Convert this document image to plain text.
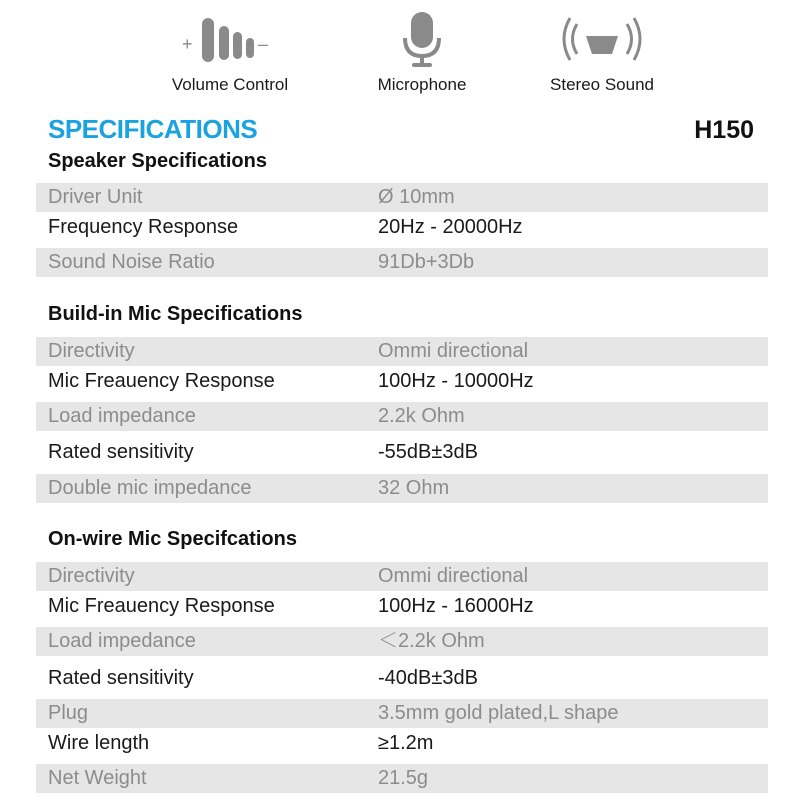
+	–
Volume Control	Microphone	Stereo Sound
SPECIFICATIONS	H150
Speaker Specifications
Driver Unit	Ø 10mm
Frequency Response	20Hz - 20000Hz
Sound Noise Ratio	91Db+3Db
Build-in Mic Specifications
Directivity	Ommi directional
Mic Freauency Response	100Hz - 10000Hz
Load impedance	2.2k Ohm
Rated sensitivity	-55dB±3dB
Double mic impedance	32 Ohm
On-wire Mic Specifcations
Directivity	Ommi directional
Mic Freauency Response	100Hz - 16000Hz
Load impedance	＜2.2k Ohm
Rated sensitivity	-40dB±3dB
Plug	3.5mm gold plated,L shape
Wire length	≥1.2m
Net Weight	21.5g
